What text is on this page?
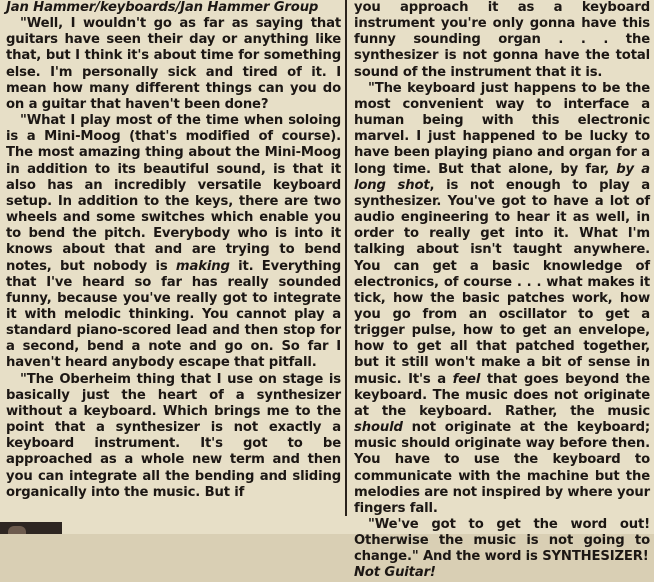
Jan Hammer/keyboards/Jan Hammer Group

"Well, I wouldn't go as far as saying that guitars have seen their day or anything like that, but I think it's about time for something else. I'm personally sick and tired of it. I mean how many different things can you do on a guitar that haven't been done?

"What I play most of the time when soloing is a Mini-Moog (that's modified of course). The most amazing thing about the Mini-Moog in addition to its beautiful sound, is that it also has an incredibly versatile keyboard setup. In addition to the keys, there are two wheels and some switches which enable you to bend the pitch. Everybody who is into it knows about that and are trying to bend notes, but nobody is making it. Everything that I've heard so far has really sounded funny, because you've really got to integrate it with melodic thinking. You cannot play a standard piano-scored lead and then stop for a second, bend a note and go on. So far I haven't heard anybody escape that pitfall.

"The Oberheim thing that I use on stage is basically just the heart of a synthesizer without a keyboard. Which brings me to the point that a synthesizer is not exactly a keyboard instrument. It's got to be approached as a whole new term and then you can integrate all the bending and sliding organically into the music. But if

you approach it as a keyboard instrument you're only gonna have this funny sounding organ . . . the synthesizer is not gonna have the total sound of the instrument that it is.

"The keyboard just happens to be the most convenient way to interface a human being with this electronic marvel. I just happened to be lucky to have been playing piano and organ for a long time. But that alone, by far, by a long shot, is not enough to play a synthesizer. You've got to have a lot of audio engineering to hear it as well, in order to really get into it. What I'm talking about isn't taught anywhere. You can get a basic knowledge of electronics, of course . . . what makes it tick, how the basic patches work, how you go from an oscillator to get a trigger pulse, how to get an envelope, how to get all that patched together, but it still won't make a bit of sense in music. It's a feel that goes beyond the keyboard. The music does not originate at the keyboard. Rather, the music should not originate at the keyboard; music should originate way before then. You have to use the keyboard to communicate with the machine but the melodies are not inspired by where your fingers fall.

"We've got to get the word out! Otherwise the music is not going to change." And the word is SYNTHESIZER!
Not Guitar!
